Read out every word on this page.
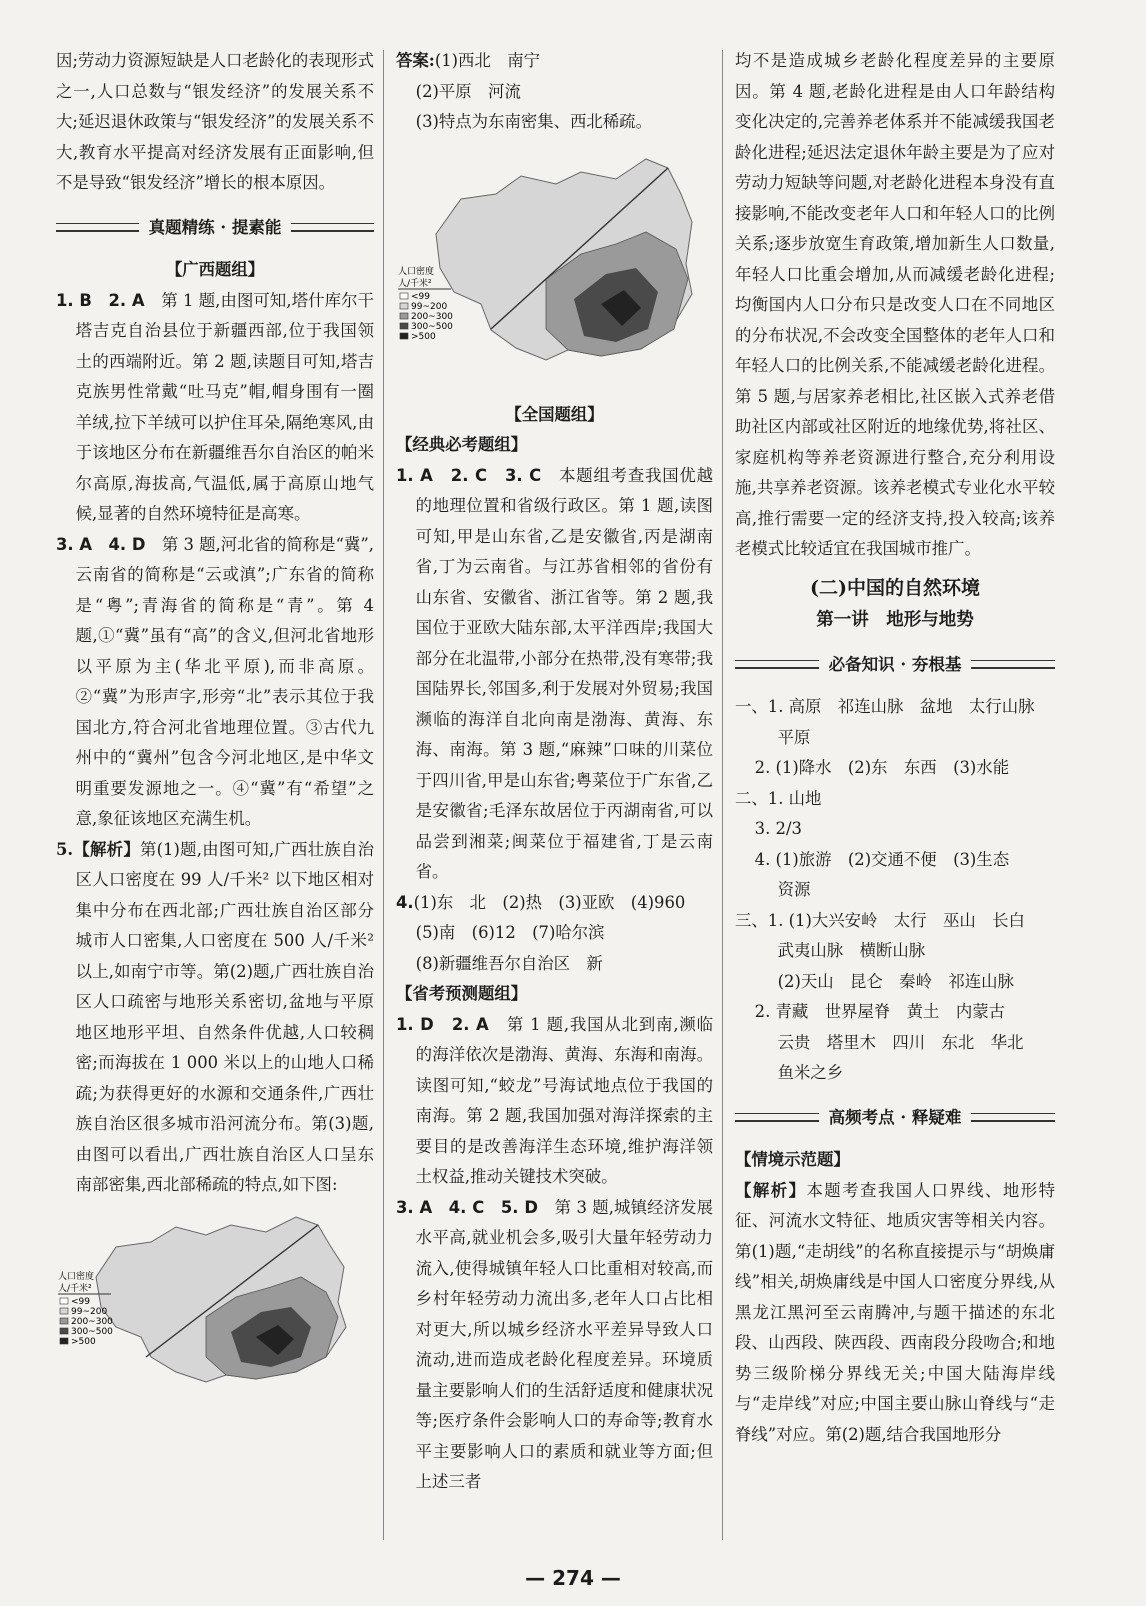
因;劳动力资源短缺是人口老龄化的表现形式之一,人口总数与“银发经济”的发展关系不大;延迟退休政策与“银发经济”的发展关系不大,教育水平提高对经济发展有正面影响,但不是导致“银发经济”增长的根本原因。

真题精练 · 提素能

【广西题组】

1. B　2. A　 第 1 题,由图可知,塔什库尔干塔吉克自治县位于新疆西部,位于我国领土的西端附近。第 2 题,读题目可知,塔吉克族男性常戴“吐马克”帽,帽身围有一圈羊绒,拉下羊绒可以护住耳朵,隔绝寒风,由于该地区分布在新疆维吾尔自治区的帕米尔高原,海拔高,气温低,属于高原山地气候,显著的自然环境特征是高寒。

3. A　4. D　 第 3 题,河北省的简称是“冀”,云南省的简称是“云或滇”;广东省的简称是“粤”;青海省的简称是“青”。第 4 题,①“冀”虽有“高”的含义,但河北省地形以平原为主(华北平原),而非高原。②“冀”为形声字,形旁“北”表示其位于我国北方,符合河北省地理位置。③古代九州中的“冀州”包含今河北地区,是中华文明重要发源地之一。④“冀”有“希望”之意,象征该地区充满生机。

5.【解析】第(1)题,由图可知,广西壮族自治区人口密度在 99 人/千米² 以下地区相对集中分布在西北部;广西壮族自治区部分城市人口密集,人口密度在 500 人/千米² 以上,如南宁市等。第(2)题,广西壮族自治区人口疏密与地形关系密切,盆地与平原地区地形平坦、自然条件优越,人口较稠密;而海拔在 1 000 米以上的山地人口稀疏;为获得更好的水源和交通条件,广西壮族自治区很多城市沿河流分布。第(3)题,由图可以看出,广西壮族自治区人口呈东南部密集,西北部稀疏的特点,如下图:

人口密度
人/千米²
<99
99~200
200~300
300~500
>500

答案:(1)西北　南宁

(2)平原　河流

(3)特点为东南密集、西北稀疏。

人口密度
人/千米²
<99
99~200
200~300
300~500
>500

【全国题组】

【经典必考题组】

1. A　2. C　3. C　 本题组考查我国优越的地理位置和省级行政区。第 1 题,读图可知,甲是山东省,乙是安徽省,丙是湖南省,丁为云南省。与江苏省相邻的省份有山东省、安徽省、浙江省等。第 2 题,我国位于亚欧大陆东部,太平洋西岸;我国大部分在北温带,小部分在热带,没有寒带;我国陆界长,邻国多,利于发展对外贸易;我国濒临的海洋自北向南是渤海、黄海、东海、南海。第 3 题,“麻辣”口味的川菜位于四川省,甲是山东省;粤菜位于广东省,乙是安徽省;毛泽东故居位于丙湖南省,可以品尝到湘菜;闽菜位于福建省,丁是云南省。

4.(1)东　北　(2)热　(3)亚欧　(4)960

(5)南　(6)12　(7)哈尔滨

(8)新疆维吾尔自治区　新

【省考预测题组】

1. D　2. A　 第 1 题,我国从北到南,濒临的海洋依次是渤海、黄海、东海和南海。读图可知,“蛟龙”号海试地点位于我国的南海。第 2 题,我国加强对海洋探索的主要目的是改善海洋生态环境,维护海洋领土权益,推动关键技术突破。

3. A　4. C　5. D　 第 3 题,城镇经济发展水平高,就业机会多,吸引大量年轻劳动力流入,使得城镇年轻人口比重相对较高,而乡村年轻劳动力流出多,老年人口占比相对更大,所以城乡经济水平差异导致人口流动,进而造成老龄化程度差异。环境质量主要影响人们的生活舒适度和健康状况等;医疗条件会影响人口的寿命等;教育水平主要影响人口的素质和就业等方面;但上述三者

均不是造成城乡老龄化程度差异的主要原因。第 4 题,老龄化进程是由人口年龄结构变化决定的,完善养老体系并不能减缓我国老龄化进程;延迟法定退休年龄主要是为了应对劳动力短缺等问题,对老龄化进程本身没有直接影响,不能改变老年人口和年轻人口的比例关系;逐步放宽生育政策,增加新生人口数量,年轻人口比重会增加,从而减缓老龄化进程;均衡国内人口分布只是改变人口在不同地区的分布状况,不会改变全国整体的老年人口和年轻人口的比例关系,不能减缓老龄化进程。第 5 题,与居家养老相比,社区嵌入式养老借助社区内部或社区附近的地缘优势,将社区、家庭机构等养老资源进行整合,充分利用设施,共享养老资源。该养老模式专业化水平较高,推行需要一定的经济支持,投入较高;该养老模式比较适宜在我国城市推广。

(二)中国的自然环境

第一讲　地形与地势

必备知识 · 夯根基

一、1. 高原　祁连山脉　盆地　太行山脉

平原

2. (1)降水　(2)东　东西　(3)水能

二、1. 山地

3. 2/3

4. (1)旅游　(2)交通不便　(3)生态

资源

三、1. (1)大兴安岭　太行　巫山　长白

武夷山脉　横断山脉

(2)天山　昆仑　秦岭　祁连山脉

2. 青藏　世界屋脊　黄土　内蒙古

云贵　塔里木　四川　东北　华北

鱼米之乡

高频考点 · 释疑难

【情境示范题】

【解析】本题考查我国人口界线、地形特征、河流水文特征、地质灾害等相关内容。第(1)题,“走胡线”的名称直接提示与“胡焕庸线”相关,胡焕庸线是中国人口密度分界线,从黑龙江黑河至云南腾冲,与题干描述的东北段、山西段、陕西段、西南段分段吻合;和地势三级阶梯分界线无关;中国大陆海岸线与“走岸线”对应;中国主要山脉山脊线与“走脊线”对应。第(2)题,结合我国地形分

— 274 —
